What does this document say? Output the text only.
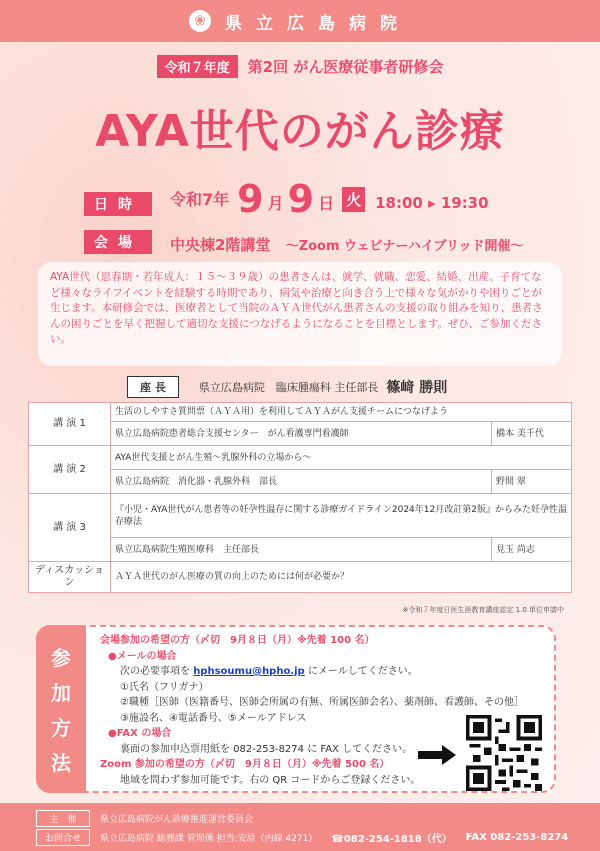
❀	県立広島病院
令和７年度	第2回 がん医療従事者研修会
AYA世代のがん診療
日時	令和7年 9 月 9 日 火 18:00 ▸ 19:30
会場	中央棟2階講堂 ～Zoom ウェビナーハイブリッド開催～
AYA世代（思春期・若年成人：１５～３９歳）の患者さんは、就学、就職、恋愛、結婚、出産、子育てなど様々なライフイベントを経験する時期であり、病気や治療と向き合う上で様々な気がかりや困りごとが生じます。本研修会では、医療者として当院のＡＹＡ世代がん患者さんの支援の取り組みを知り、患者さんの困りごとを早く把握して適切な支援につなげるようになることを目標とします。ぜひ、ご参加ください。
座 長	県立広島病院　臨床腫瘍科 主任部長 篠﨑 勝則
講 演 1	生活のしやすさ質問票（ＡＹＡ用）を利用してＡＹＡがん支援チームにつなげよう	
	県立広島病院患者総合支援センター　がん看護専門看護師	橋本 美千代
講 演 2	AYA世代支援とがん生殖～乳腺外科の立場から～	
	県立広島病院　消化器・乳腺外科　部長	野間 翠
講 演 3	『小児・AYA世代がん患者等の妊孕性温存に関する診療ガイドライン2024年12月改訂第2版』からみた妊孕性温存療法	
	県立広島病院生殖医療科　主任部長	見玉 尚志
ディスカッション	ＡＹＡ世代のがん医療の質の向上のためには何が必要か？	
※令和７年度日医生涯教育講座認定 1.0 単位申請中
参
加
方
法
会場参加の希望の方（〆切　9月８日（月）※先着 100 名）
●メールの場合
次の必要事項を hphsoumu@hpho.jp にメールしてください。
①氏名（フリガナ）
②職種［医師（医籍番号、医師会所属の有無、所属医師会名）、薬剤師、看護師、その他］
③施設名、④電話番号、⑤メールアドレス
●FAX の場合
裏面の参加申込票用紙を 082-253-8274 に FAX してください。
Zoom 参加の希望の方（〆切　9月８日（月）※先着 500 名）
地域を問わず参加可能です。右の QR コードからご登録ください。
主　催	県立広島病院がん診療推進運営委員会
お問合せ	県立広島病院 総務課 管理係 担当:安原（内線 4271） ☎082-254-1818（代） FAX 082-253-8274
